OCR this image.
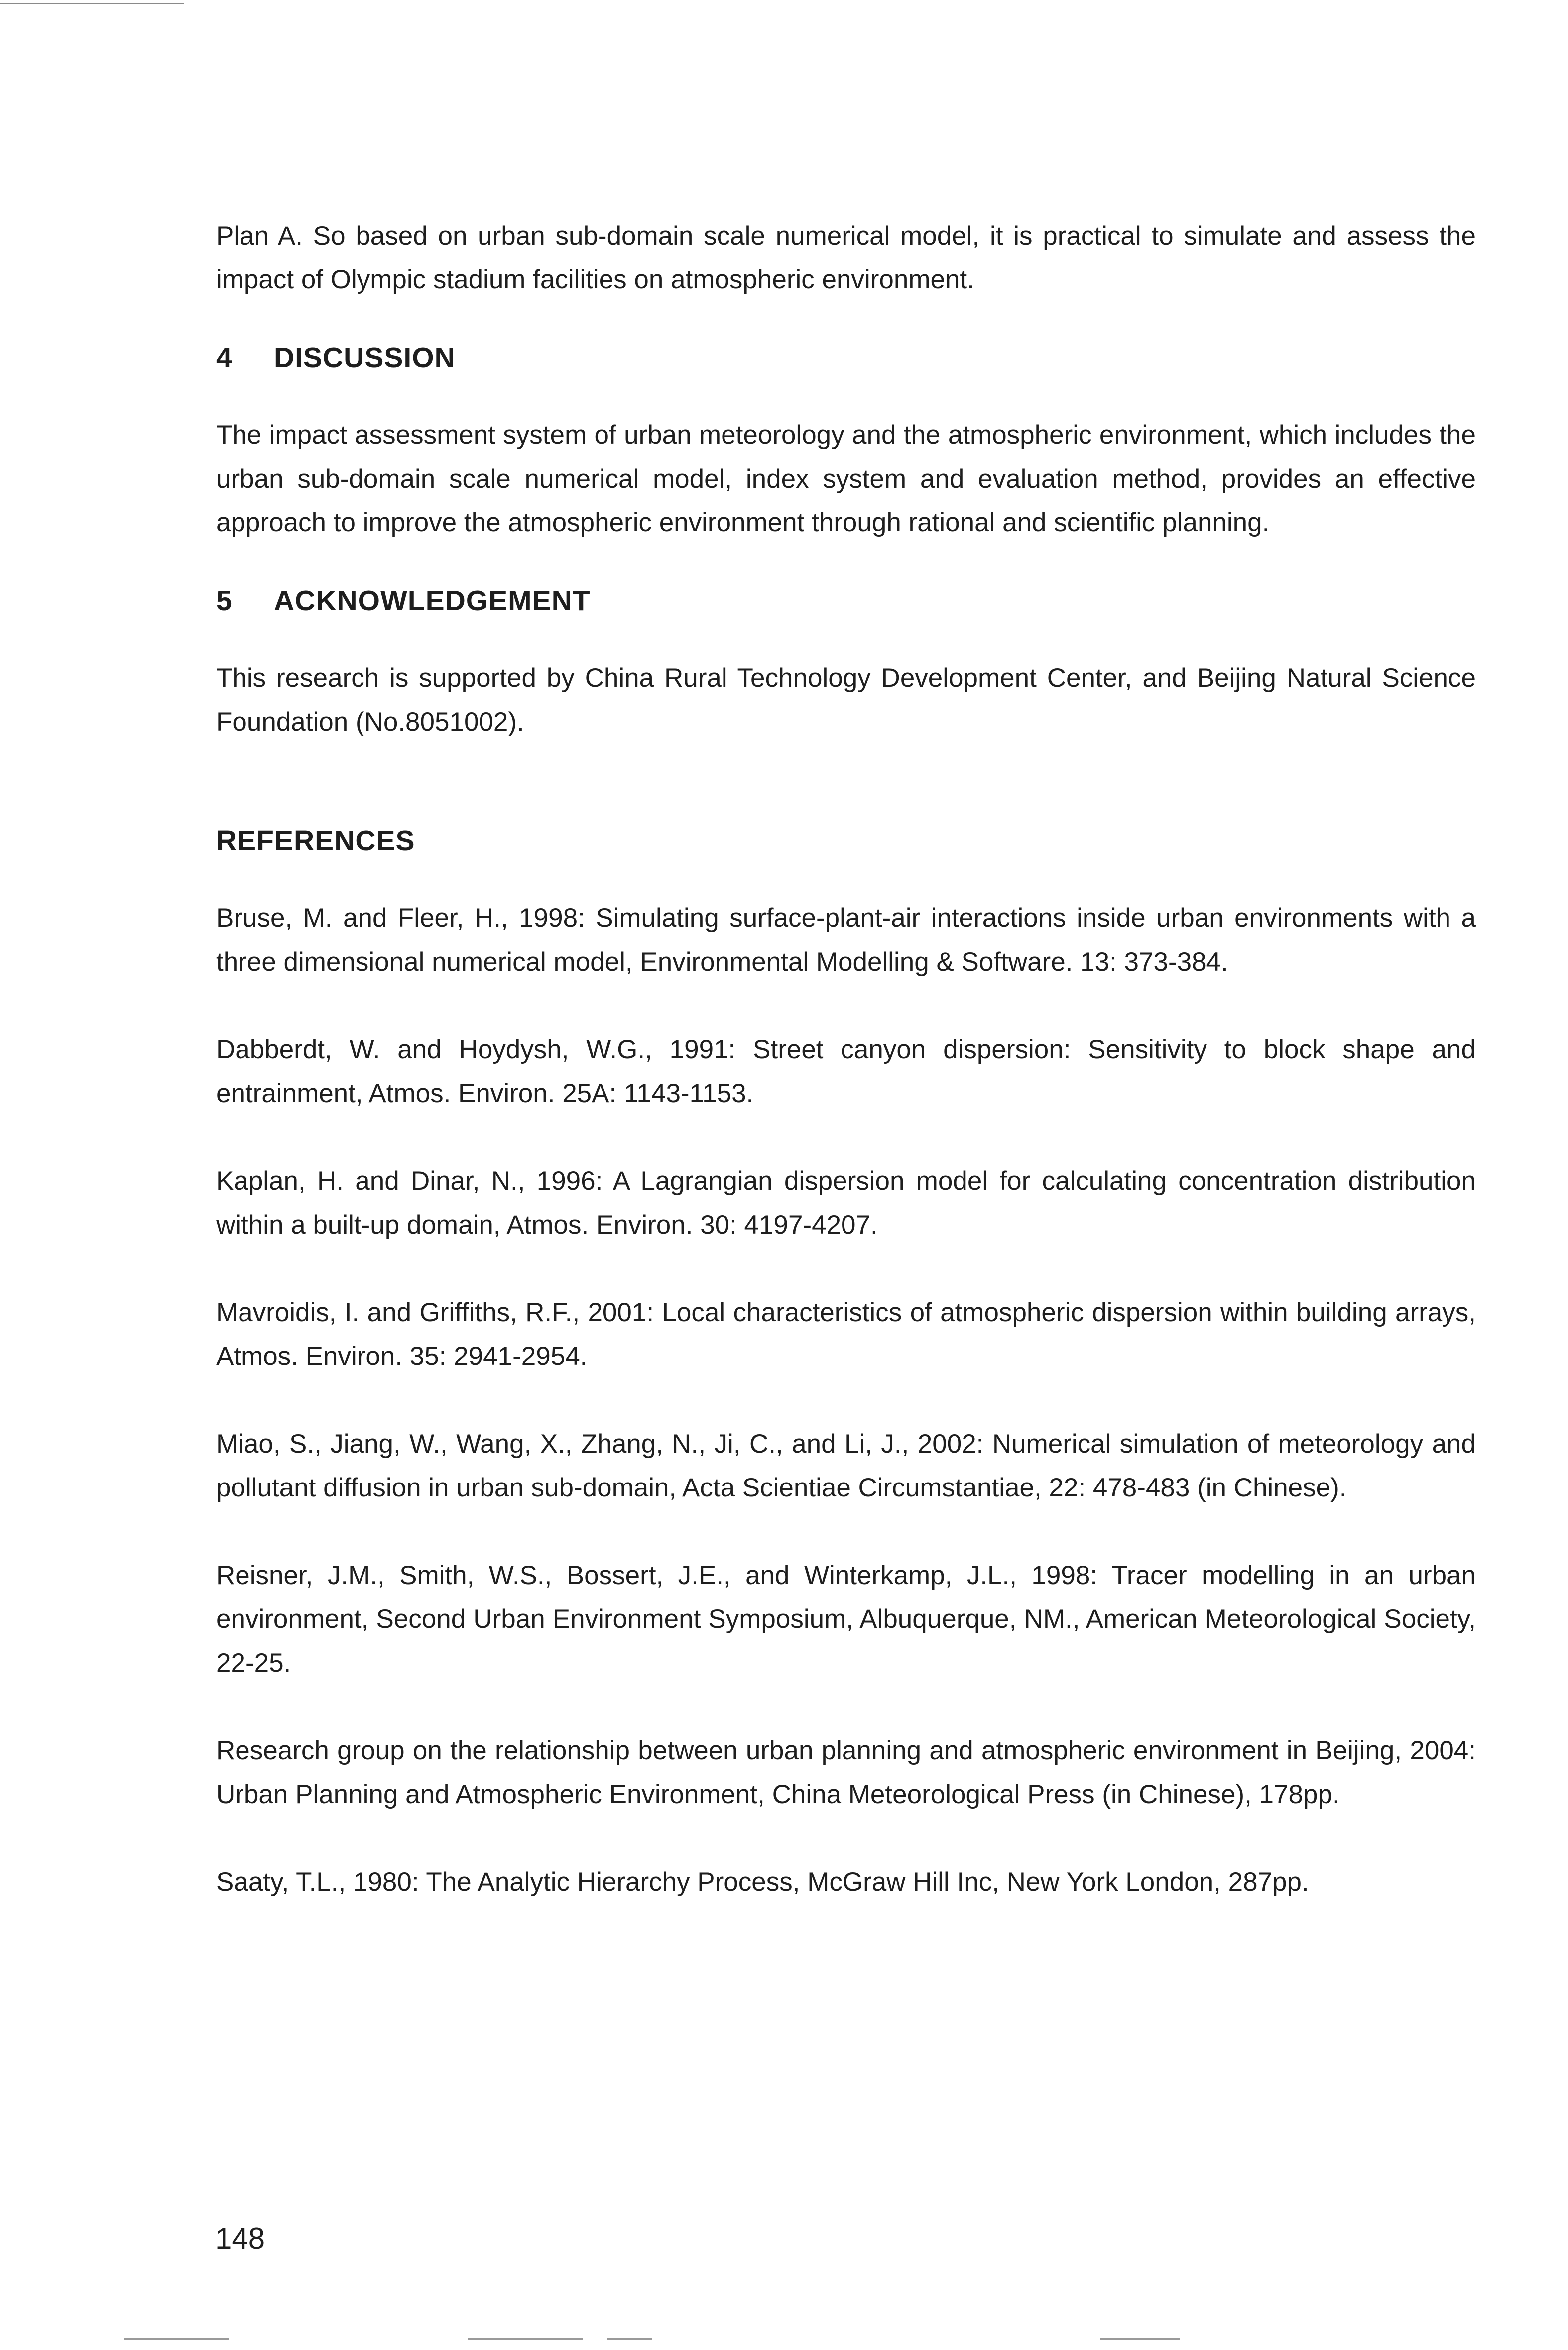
Plan A. So based on urban sub-domain scale numerical model, it is practical to simulate and assess the impact of Olympic stadium facilities on atmospheric environment.

4 DISCUSSION

The impact assessment system of urban meteorology and the atmospheric environment, which includes the urban sub-domain scale numerical model, index system and evaluation method, provides an effective approach to improve the atmospheric environment through rational and scientific planning.

5 ACKNOWLEDGEMENT

This research is supported by China Rural Technology Development Center, and Beijing Natural Science Foundation (No.8051002).

REFERENCES

Bruse, M. and Fleer, H., 1998: Simulating surface-plant-air interactions inside urban environments with a three dimensional numerical model, Environmental Modelling & Software. 13: 373-384.

Dabberdt, W. and Hoydysh, W.G., 1991: Street canyon dispersion: Sensitivity to block shape and entrainment, Atmos. Environ. 25A: 1143-1153.

Kaplan, H. and Dinar, N., 1996: A Lagrangian dispersion model for calculating concentration distribution within a built-up domain, Atmos. Environ. 30: 4197-4207.

Mavroidis, I. and Griffiths, R.F., 2001: Local characteristics of atmospheric dispersion within building arrays, Atmos. Environ. 35: 2941-2954.

Miao, S., Jiang, W., Wang, X., Zhang, N., Ji, C., and Li, J., 2002: Numerical simulation of meteorology and pollutant diffusion in urban sub-domain, Acta Scientiae Circumstantiae, 22: 478-483 (in Chinese).

Reisner, J.M., Smith, W.S., Bossert, J.E., and Winterkamp, J.L., 1998: Tracer modelling in an urban environment, Second Urban Environment Symposium, Albuquerque, NM., American Meteorological Society, 22-25.

Research group on the relationship between urban planning and atmospheric environment in Beijing, 2004: Urban Planning and Atmospheric Environment, China Meteorological Press (in Chinese), 178pp.

Saaty, T.L., 1980: The Analytic Hierarchy Process, McGraw Hill Inc, New York London, 287pp.

148
